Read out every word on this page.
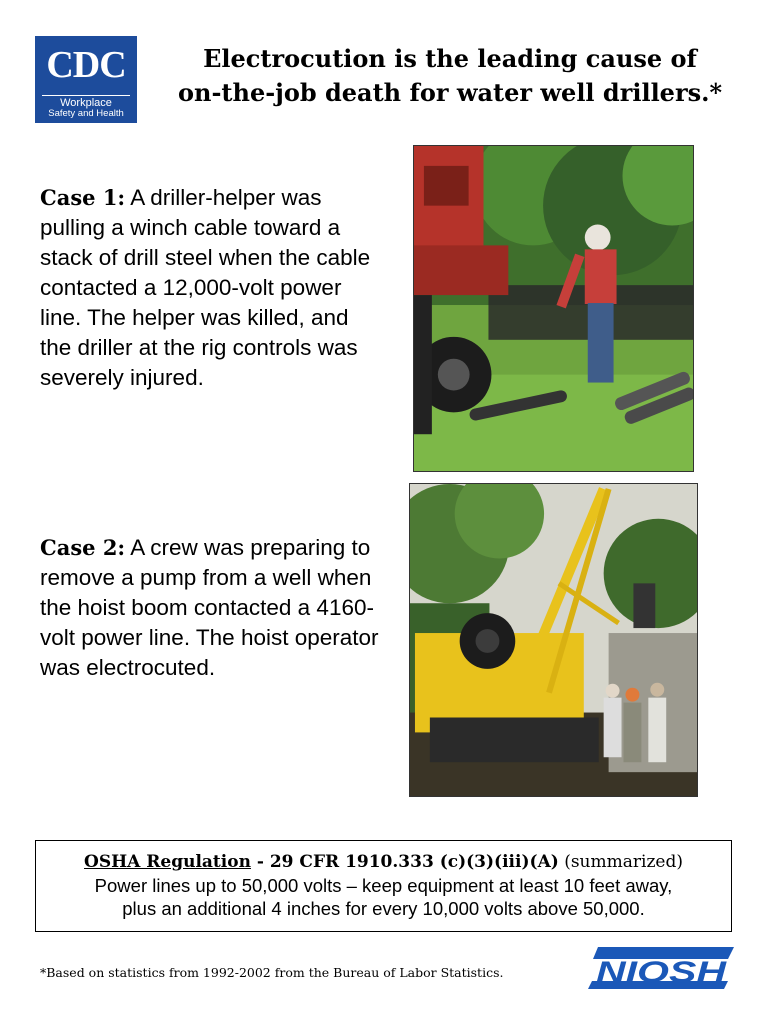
CDC
Workplace
Safety and Health
Electrocution is the leading cause of
on-the-job death for water well drillers.*
Case 1: A driller-helper was pulling a winch cable toward a stack of drill steel when the cable contacted a 12,000-volt power line. The helper was killed, and the driller at the rig controls was severely injured.
Case 2: A crew was preparing to remove a pump from a well when the hoist boom contacted a 4160-volt power line. The hoist operator was electrocuted.
OSHA Regulation - 29 CFR 1910.333 (c)(3)(iii)(A) (summarized)
Power lines up to 50,000 volts – keep equipment at least 10 feet away,
plus an additional 4 inches for every 10,000 volts above 50,000.
*Based on statistics from 1992-2002 from the Bureau of Labor Statistics.	NIOSH
